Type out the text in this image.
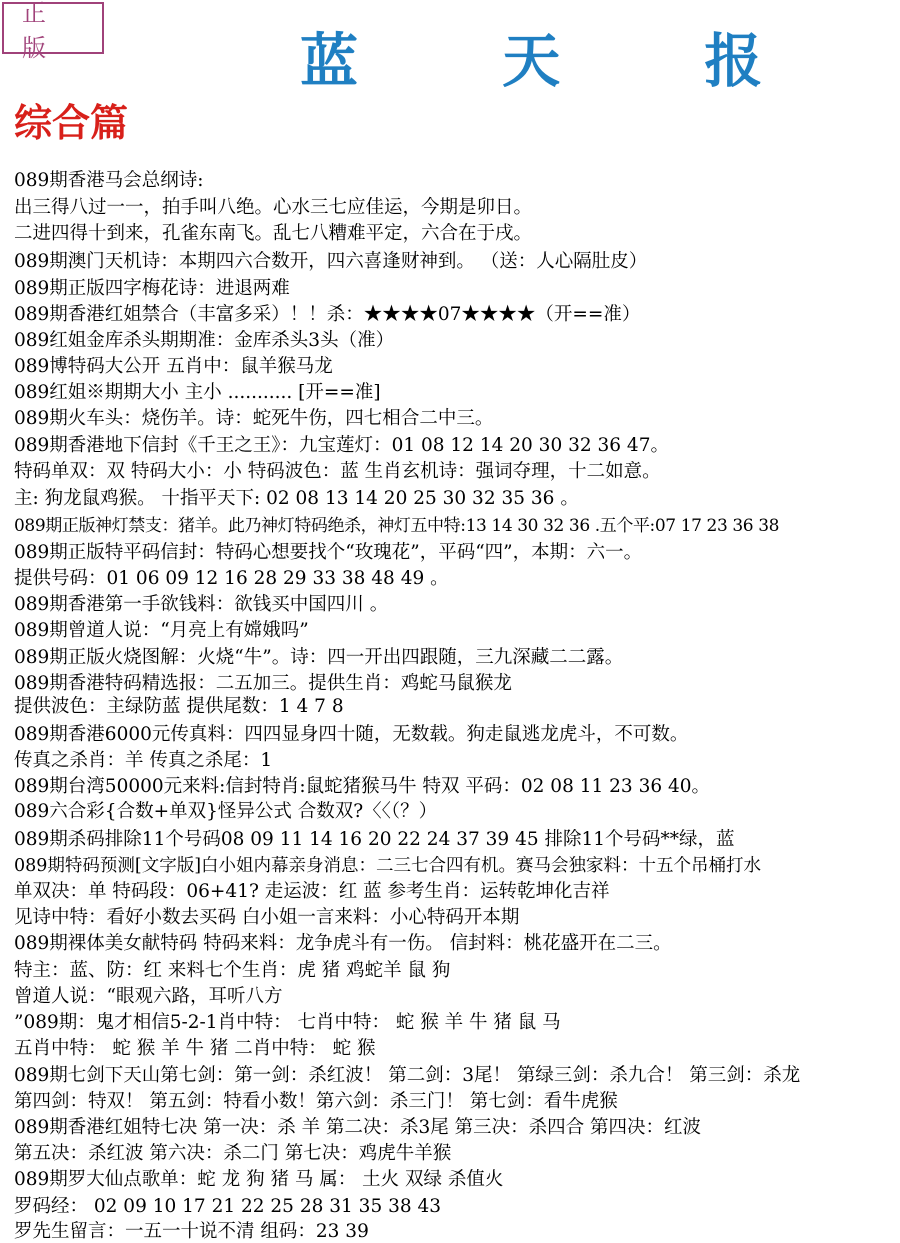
正 版	蓝 天 报
综合篇
089期香港马会总纲诗:
出三得八过一一，拍手叫八绝。心水三七应佳运，今期是卯日。
二进四得十到来，孔雀东南飞。乱七八糟难平定，六合在于戌。
089期澳门天机诗：本期四六合数开，四六喜逢财神到。 （送：人心隔肚皮）
089期正版四字梅花诗：进退两难
089期香港红姐禁合（丰富多采）！！杀：★★★★07★★★★（开==准）
089红姐金库杀头期期准：金库杀头3头（准）
089博特码大公开 五肖中：鼠羊猴马龙
089红姐※期期大小 主小 ........... [开==准]
089期火车头：烧伤羊。诗：蛇死牛伤，四七相合二中三。
089期香港地下信封《千王之王》：九宝莲灯：01 08 12 14 20 30 32 36 47。
特码单双：双 特码大小：小 特码波色：蓝 生肖玄机诗：强词夺理，十二如意。
主: 狗龙鼠鸡猴。 十指平天下: 02 08 13 14 20 25 30 32 35 36 。
089期正版神灯禁支：猪羊。此乃神灯特码绝杀，神灯五中特:13 14 30 32 36 .五个平:07 17 23 36 38
089期正版特平码信封：特码心想要找个“玫瑰花”，平码“四”，本期：六一。
提供号码：01 06 09 12 16 28 29 33 38 48 49 。
089期香港第一手欲钱料：欲钱买中国四川 。
089期曾道人说：“月亮上有嫦娥吗”
089期正版火烧图解：火烧“牛”。诗：四一开出四跟随，三九深藏二二露。
089期香港特码精选报：二五加三。提供生肖：鸡蛇马鼠猴龙
提供波色：主绿防蓝 提供尾数：1 4 7 8
089期香港6000元传真料：四四显身四十随，无数载。狗走鼠逃龙虎斗，不可数。
传真之杀肖：羊 传真之杀尾：1
089期台湾50000元来料:信封特肖:鼠蛇猪猴马牛 特双 平码：02 08 11 23 36 40。
089六合彩{合数+单双}怪异公式 合数双?〈〈（？）
089期杀码排除11个号码08 09 11 14 16 20 22 24 37 39 45 排除11个号码**绿，蓝
089期特码预测[文字版]白小姐内幕亲身消息：二三七合四有机。赛马会独家料：十五个吊桶打水
单双决：单 特码段：06+41? 走运波：红 蓝 参考生肖：运转乾坤化吉祥
见诗中特：看好小数去买码 白小姐一言来料：小心特码开本期
089期裸体美女献特码 特码来料：龙争虎斗有一伤。 信封料：桃花盛开在二三。
特主：蓝、防：红 来料七个生肖：虎 猪 鸡蛇羊 鼠 狗
曾道人说：“眼观六路，耳听八方
”089期：鬼才相信5-2-1肖中特： 七肖中特： 蛇 猴 羊 牛 猪 鼠 马
五肖中特： 蛇 猴 羊 牛 猪 二肖中特： 蛇 猴
089期七剑下天山第七剑：第一剑：杀红波！ 第二剑：3尾！ 第绿三剑：杀九合！ 第三剑：杀龙
第四剑：特双！ 第五剑：特看小数！第六剑：杀三门！ 第七剑：看牛虎猴
089期香港红姐特七决 第一决：杀 羊 第二决：杀3尾 第三决：杀四合 第四决：红波
第五决：杀红波 第六决：杀二门 第七决：鸡虎牛羊猴
089期罗大仙点歌单：蛇 龙 狗 猪 马 属： 土火 双绿 杀值火
罗码经： 02 09 10 17 21 22 25 28 31 35 38 43
罗先生留言：一五一十说不清 组码：23 39
